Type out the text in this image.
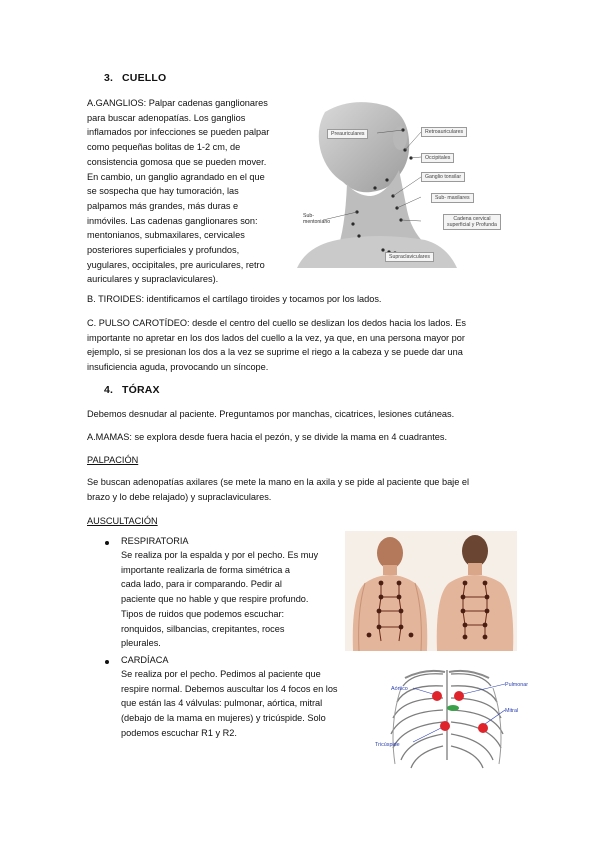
3. CUELLO
A.GANGLIOS: Palpar cadenas ganglionares
para buscar adenopatías. Los ganglios
inflamados por infecciones se pueden palpar
como pequeñas bolitas de 1-2 cm, de
consistencia gomosa que se pueden mover.
En cambio, un ganglio agrandado en el que
se sospecha que hay tumoración, las
palpamos más grandes, más duras e
inmóviles. Las cadenas ganglionares son:
mentonianos, submaxilares, cervicales
posteriores superficiales y profundos,
yugulares, occipitales, pre auriculares, retro
auriculares y supraclaviculares).
Preauriculares	Retroauriculares
Occipitales
Ganglio tonsilar
Sub- maxilares
Cadena cervical
superficial y Profunda
Sub-
mentoniano
Supraclaviculares
B. TIROIDES: identificamos el cartílago tiroides y tocamos por los lados.
C. PULSO CAROTÍDEO: desde el centro del cuello se deslizan los dedos hacia los lados. Es
importante no apretar en los dos lados del cuello a la vez, ya que, en una persona mayor por
ejemplo, si se presionan los dos a la vez se suprime el riego a la cabeza y se puede dar una
insuficiencia aguda, provocando un síncope.
4. TÓRAX
Debemos desnudar al paciente. Preguntamos por manchas, cicatrices, lesiones cutáneas.
A.MAMAS: se explora desde fuera hacia el pezón, y se divide la mama en 4 cuadrantes.
PALPACIÓN
Se buscan adenopatías axilares (se mete la mano en la axila y se pide al paciente que baje el
brazo y lo debe relajado) y supraclaviculares.
AUSCULTACIÓN
RESPIRATORIA
Se realiza por la espalda y por el pecho. Es muy
importante realizarla de forma simétrica a
cada lado, para ir comparando. Pedir al
paciente que no hable y que respire profundo.
Tipos de ruidos que podemos escuchar:
ronquidos, silbancias, crepitantes, roces
pleurales.
CARDÍACA
Se realiza por el pecho. Pedimos al paciente que
respire normal. Debemos auscultar los 4 focos en los
que están las 4 válvulas: pulmonar, aórtica, mitral
(debajo de la mama en mujeres) y tricúspide. Solo
podemos escuchar R1 y R2.
Aórtico
Pulmonar
Mitral
Tricúspide
